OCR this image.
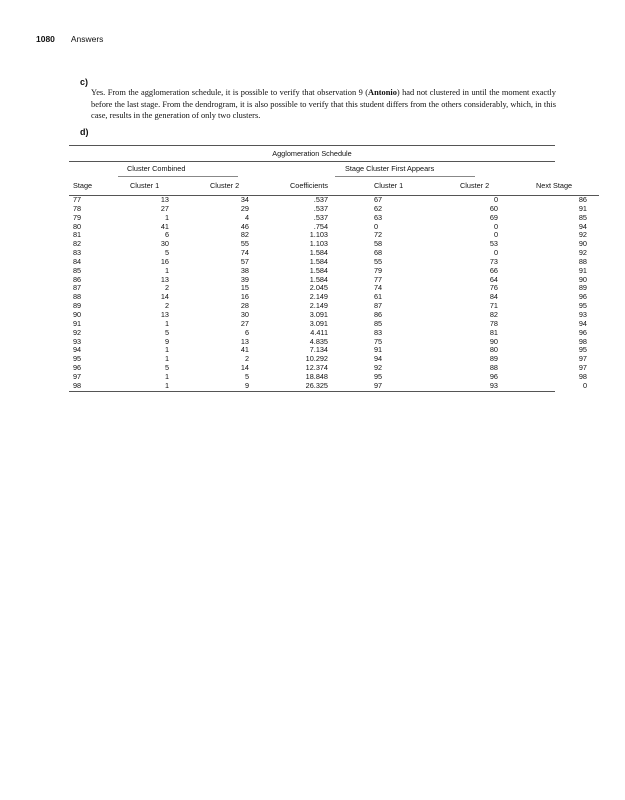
1080 Answers
c)

Yes. From the agglomeration schedule, it is possible to verify that observation 9 (Antonio) had not clustered in until the moment exactly before the last stage. From the dendrogram, it is also possible to verify that this student differs from the others considerably, which, in this case, results in the generation of only two clusters.

d)
Agglomeration Schedule
Cluster Combined	Stage Cluster First Appears
Stage	Cluster 1	Cluster 2	Coefficients	Cluster 1	Cluster 2	Next Stage
77	13	34	.537	67	0	86
78	27	29	.537	62	60	91
79	1	4	.537	63	69	85
80	41	46	.754	0	0	94
81	6	82	1.103	72	0	92
82	30	55	1.103	58	53	90
83	5	74	1.584	68	0	92
84	16	57	1.584	55	73	88
85	1	38	1.584	79	66	91
86	13	39	1.584	77	64	90
87	2	15	2.045	74	76	89
88	14	16	2.149	61	84	96
89	2	28	2.149	87	71	95
90	13	30	3.091	86	82	93
91	1	27	3.091	85	78	94
92	5	6	4.411	83	81	96
93	9	13	4.835	75	90	98
94	1	41	7.134	91	80	95
95	1	2	10.292	94	89	97
96	5	14	12.374	92	88	97
97	1	5	18.848	95	96	98
98	1	9	26.325	97	93	0
